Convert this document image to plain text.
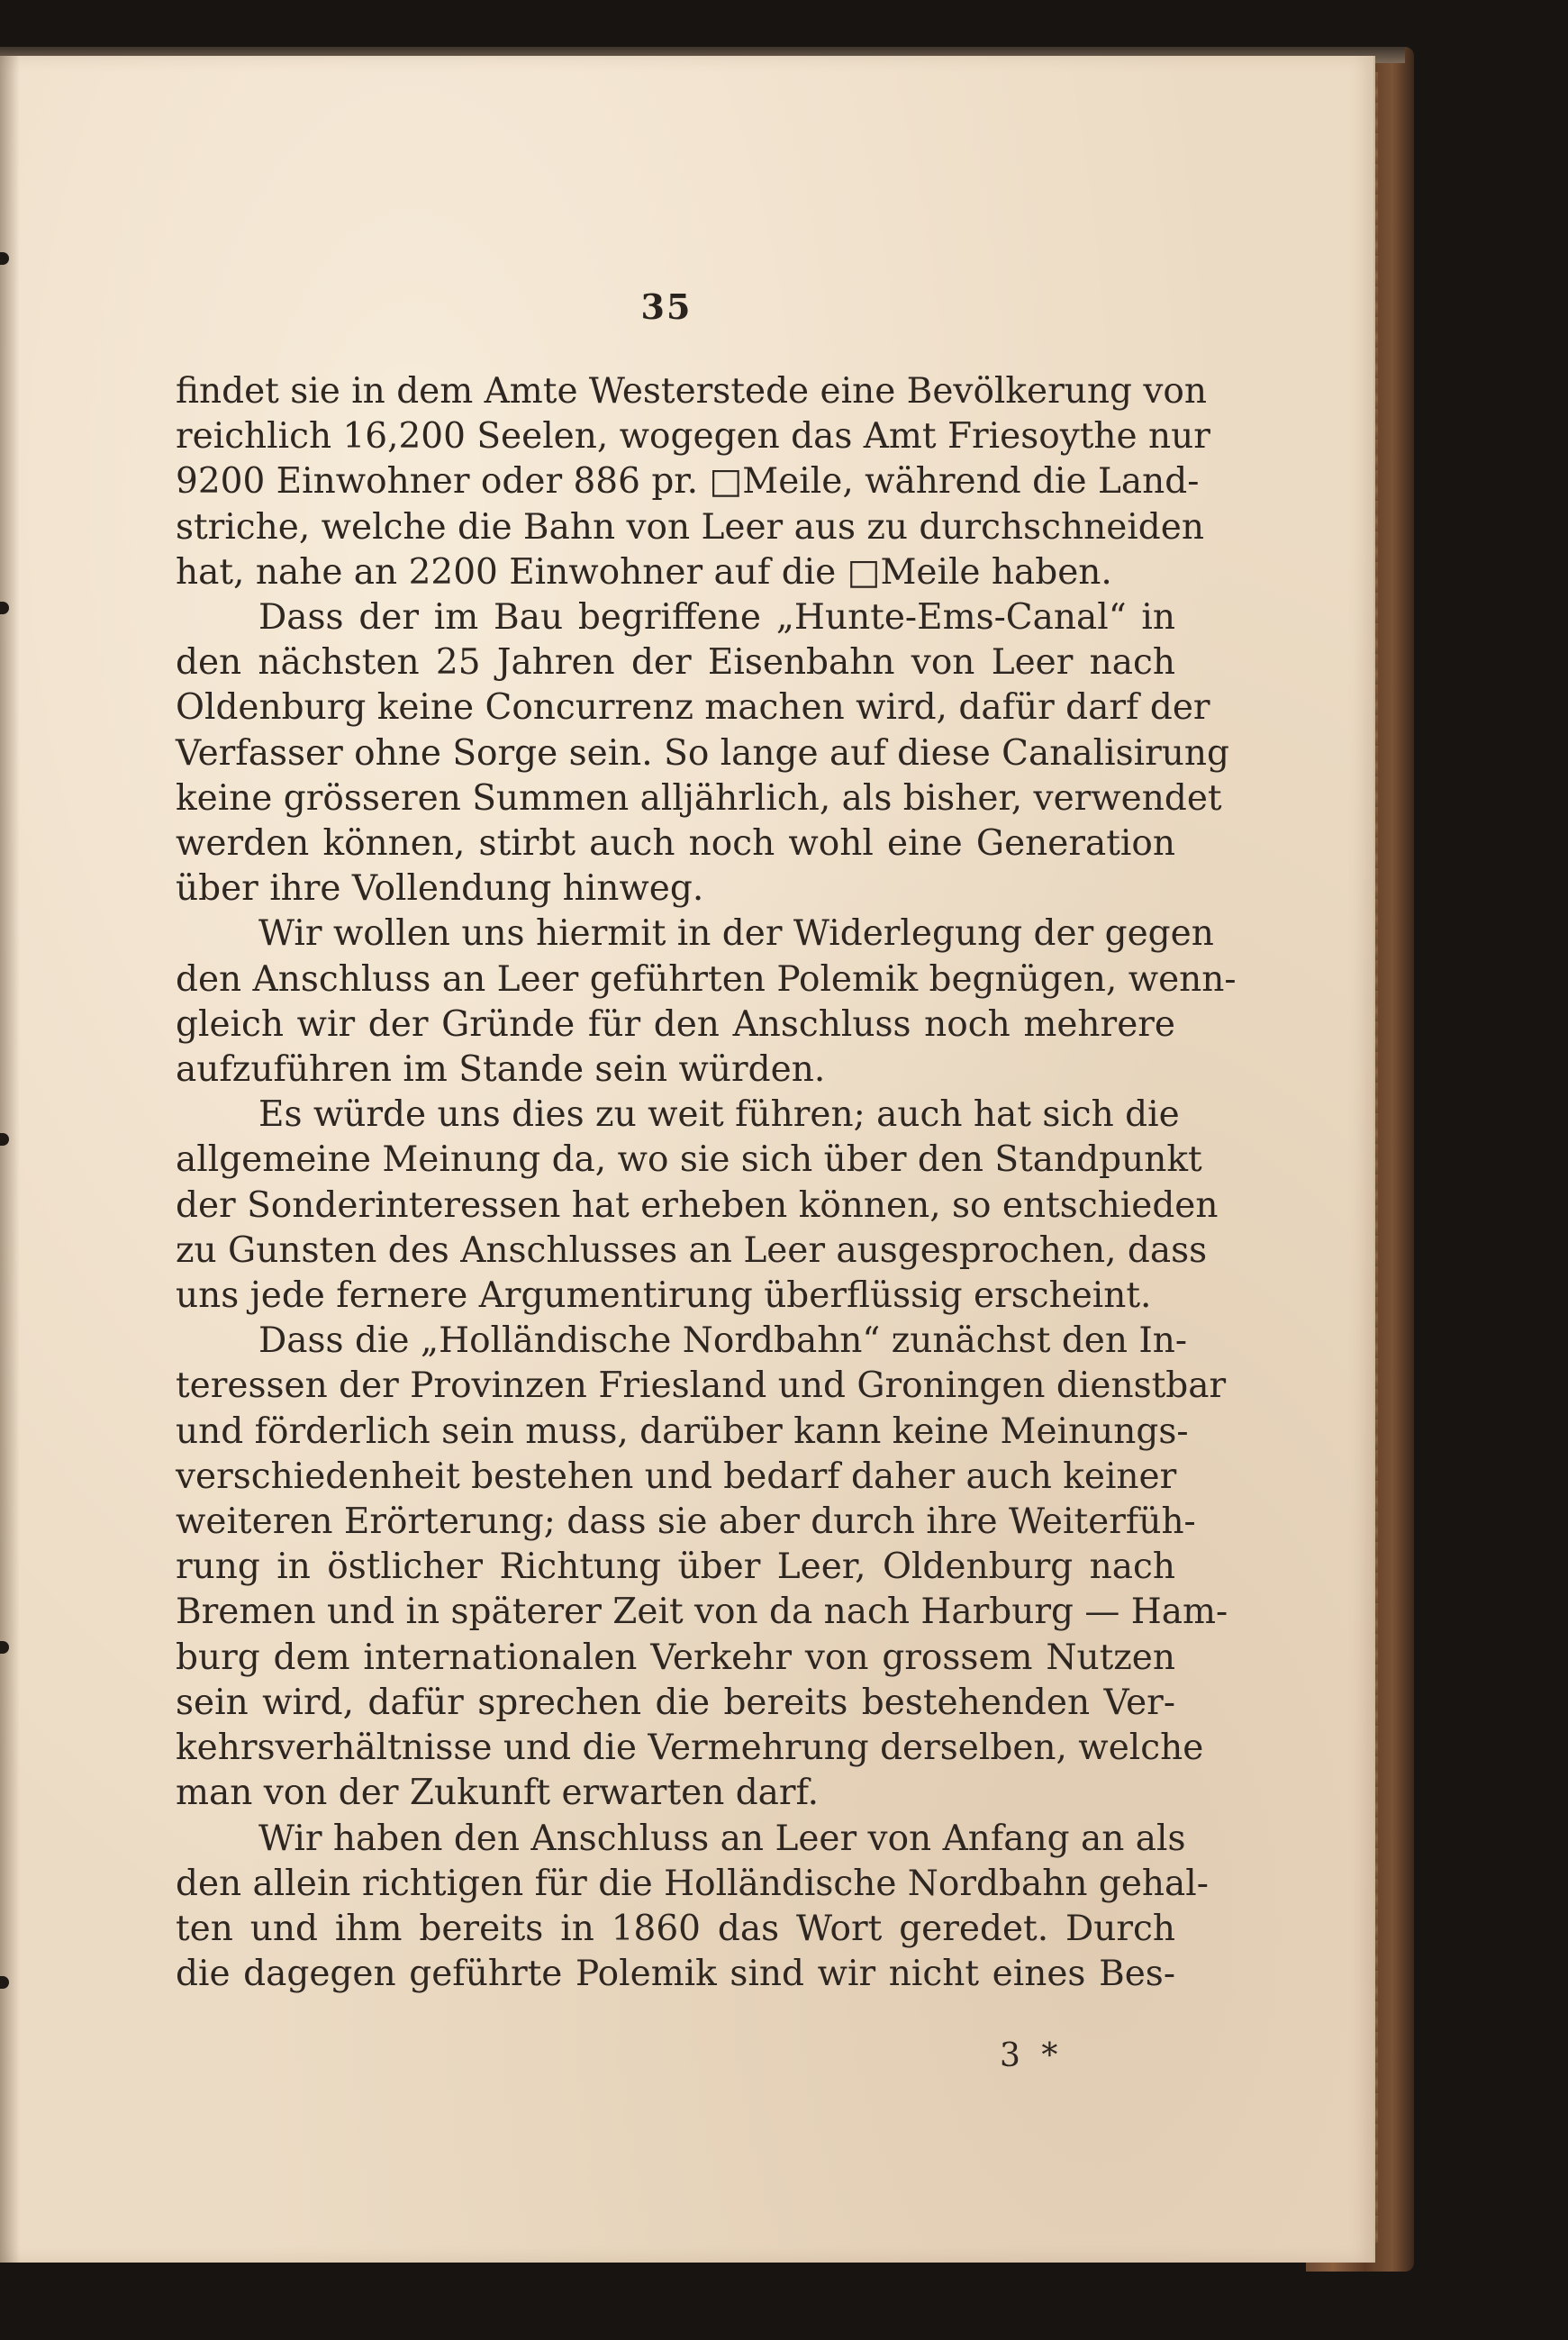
35

findet sie in dem Amte Westerstede eine Bevölkerung von
reichlich 16,200 Seelen, wogegen das Amt Friesoythe nur
9200 Einwohner oder 886 pr. □Meile, während die Land-
striche, welche die Bahn von Leer aus zu durchschneiden
hat, nahe an 2200 Einwohner auf die □Meile haben.

Dass der im Bau begriffene „Hunte-Ems-Canal“ in
den nächsten 25 Jahren der Eisenbahn von Leer nach
Oldenburg keine Concurrenz machen wird, dafür darf der
Verfasser ohne Sorge sein. So lange auf diese Canalisirung
keine grösseren Summen alljährlich, als bisher, verwendet
werden können, stirbt auch noch wohl eine Generation
über ihre Vollendung hinweg.

Wir wollen uns hiermit in der Widerlegung der gegen
den Anschluss an Leer geführten Polemik begnügen, wenn-
gleich wir der Gründe für den Anschluss noch mehrere
aufzuführen im Stande sein würden.

Es würde uns dies zu weit führen; auch hat sich die
allgemeine Meinung da, wo sie sich über den Standpunkt
der Sonderinteressen hat erheben können, so entschieden
zu Gunsten des Anschlusses an Leer ausgesprochen, dass
uns jede fernere Argumentirung überflüssig erscheint.

Dass die „Holländische Nordbahn“ zunächst den In-
teressen der Provinzen Friesland und Groningen dienstbar
und förderlich sein muss, darüber kann keine Meinungs-
verschiedenheit bestehen und bedarf daher auch keiner
weiteren Erörterung; dass sie aber durch ihre Weiterfüh-
rung in östlicher Richtung über Leer, Oldenburg nach
Bremen und in späterer Zeit von da nach Harburg — Ham-
burg dem internationalen Verkehr von grossem Nutzen
sein wird, dafür sprechen die bereits bestehenden Ver-
kehrsverhältnisse und die Vermehrung derselben, welche
man von der Zukunft erwarten darf.

Wir haben den Anschluss an Leer von Anfang an als
den allein richtigen für die Holländische Nordbahn gehal-
ten und ihm bereits in 1860 das Wort geredet. Durch
die dagegen geführte Polemik sind wir nicht eines Bes-

3 *
